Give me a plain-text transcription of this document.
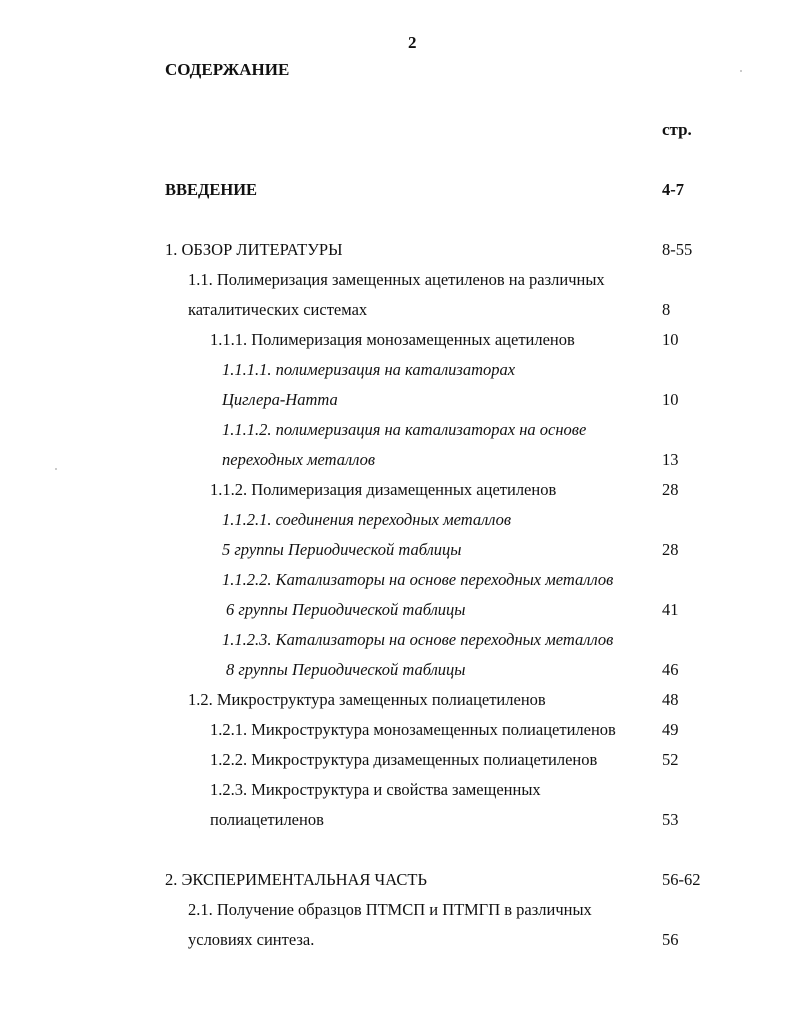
2
СОДЕРЖАНИЕ
стр.
ВВЕДЕНИЕ	4-7
1. ОБЗОР ЛИТЕРАТУРЫ	8-55
1.1. Полимеризация замещенных ацетиленов на различных
каталитических системах	8
1.1.1. Полимеризация монозамещенных ацетиленов	10
1.1.1.1. полимеризация на катализаторах
Циглера-Натта	10
1.1.1.2. полимеризация на катализаторах на основе
переходных металлов	13
1.1.2. Полимеризация дизамещенных ацетиленов	28
1.1.2.1. соединения переходных металлов
5 группы Периодической таблицы	28
1.1.2.2. Катализаторы на основе переходных металлов
6 группы Периодической таблицы	41
1.1.2.3. Катализаторы на основе переходных металлов
8 группы Периодической таблицы	46
1.2. Микроструктура замещенных полиацетиленов	48
1.2.1. Микроструктура монозамещенных полиацетиленов	49
1.2.2. Микроструктура дизамещенных полиацетиленов	52
1.2.3. Микроструктура и свойства замещенных
полиацетиленов	53
2. ЭКСПЕРИМЕНТАЛЬНАЯ ЧАСТЬ	56-62
2.1. Получение образцов ПТМСП и ПТМГП в различных
условиях синтеза.	56
